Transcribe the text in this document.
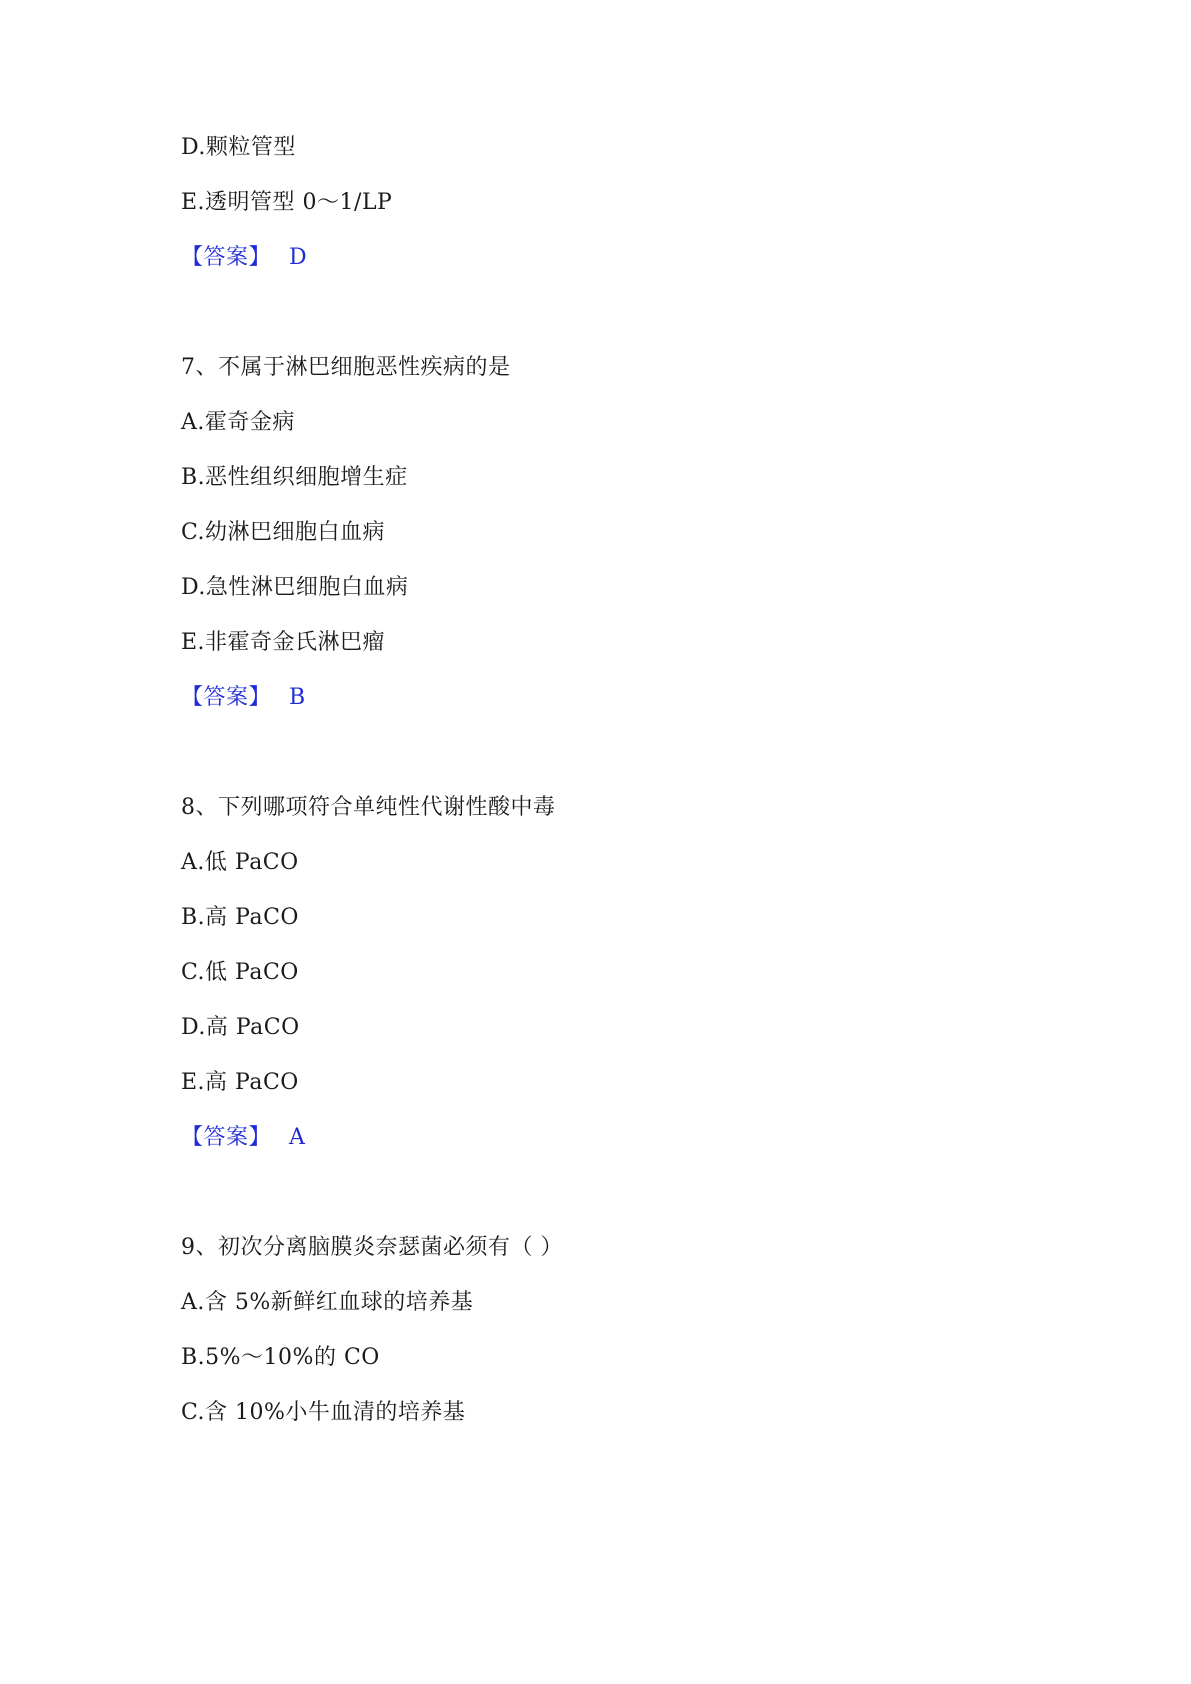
D.颗粒管型
E.透明管型 0～1/LP
【答案】 D
7、不属于淋巴细胞恶性疾病的是
A.霍奇金病
B.恶性组织细胞增生症
C.幼淋巴细胞白血病
D.急性淋巴细胞白血病
E.非霍奇金氏淋巴瘤
【答案】 B
8、下列哪项符合单纯性代谢性酸中毒
A.低 PaCO
B.高 PaCO
C.低 PaCO
D.高 PaCO
E.高 PaCO
【答案】 A
9、初次分离脑膜炎奈瑟菌必须有（ ）
A.含 5%新鲜红血球的培养基
B.5%～10%的 CO
C.含 10%小牛血清的培养基
